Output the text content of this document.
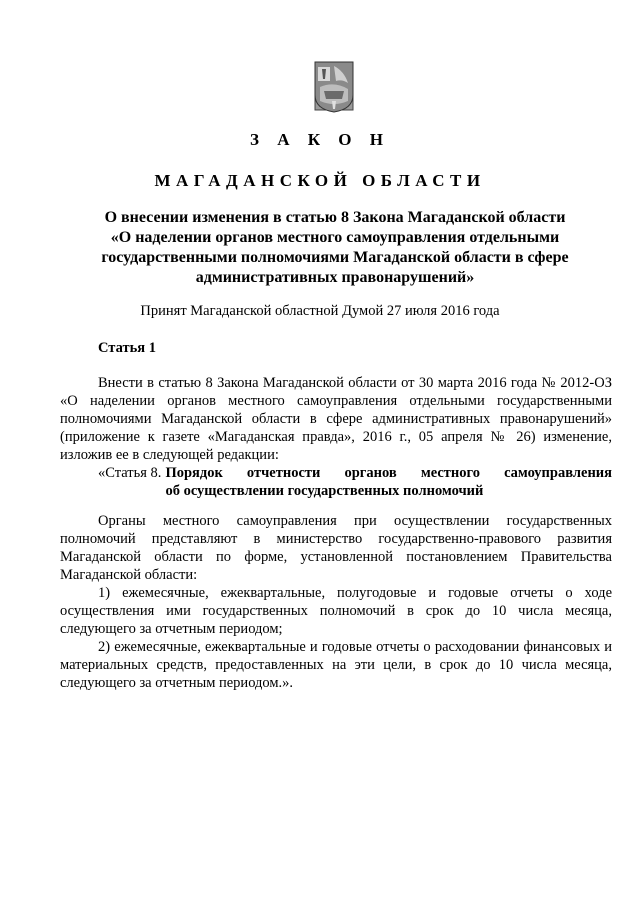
З А К О Н
МАГАДАНСКОЙ ОБЛАСТИ
О внесении изменения в статью 8 Закона Магаданской области
«О наделении органов местного самоуправления отдельными
государственными полномочиями Магаданской области в сфере
административных правонарушений»
Принят Магаданской областной Думой 27 июля 2016 года
Статья 1

Внести в статью 8 Закона Магаданской области от 30 марта 2016 года № 2012-ОЗ «О наделении органов местного самоуправления отдельными государственными полномочиями Магаданской области в сфере административных правонарушений» (приложение к газете «Магаданская правда», 2016 г., 05 апреля № 26) изменение, изложив ее в следующей редакции:

«Статья 8. Порядок отчетности органов местного самоуправления
об осуществлении государственных полномочий

Органы местного самоуправления при осуществлении государственных полномочий представляют в министерство государственно-правового развития Магаданской области по форме, установленной постановлением Правительства Магаданской области:

1) ежемесячные, ежеквартальные, полугодовые и годовые отчеты о ходе осуществления ими государственных полномочий в срок до 10 числа месяца, следующего за отчетным периодом;

2) ежемесячные, ежеквартальные и годовые отчеты о расходовании финансовых и материальных средств, предоставленных на эти цели, в срок до 10 числа месяца, следующего за отчетным периодом.».
